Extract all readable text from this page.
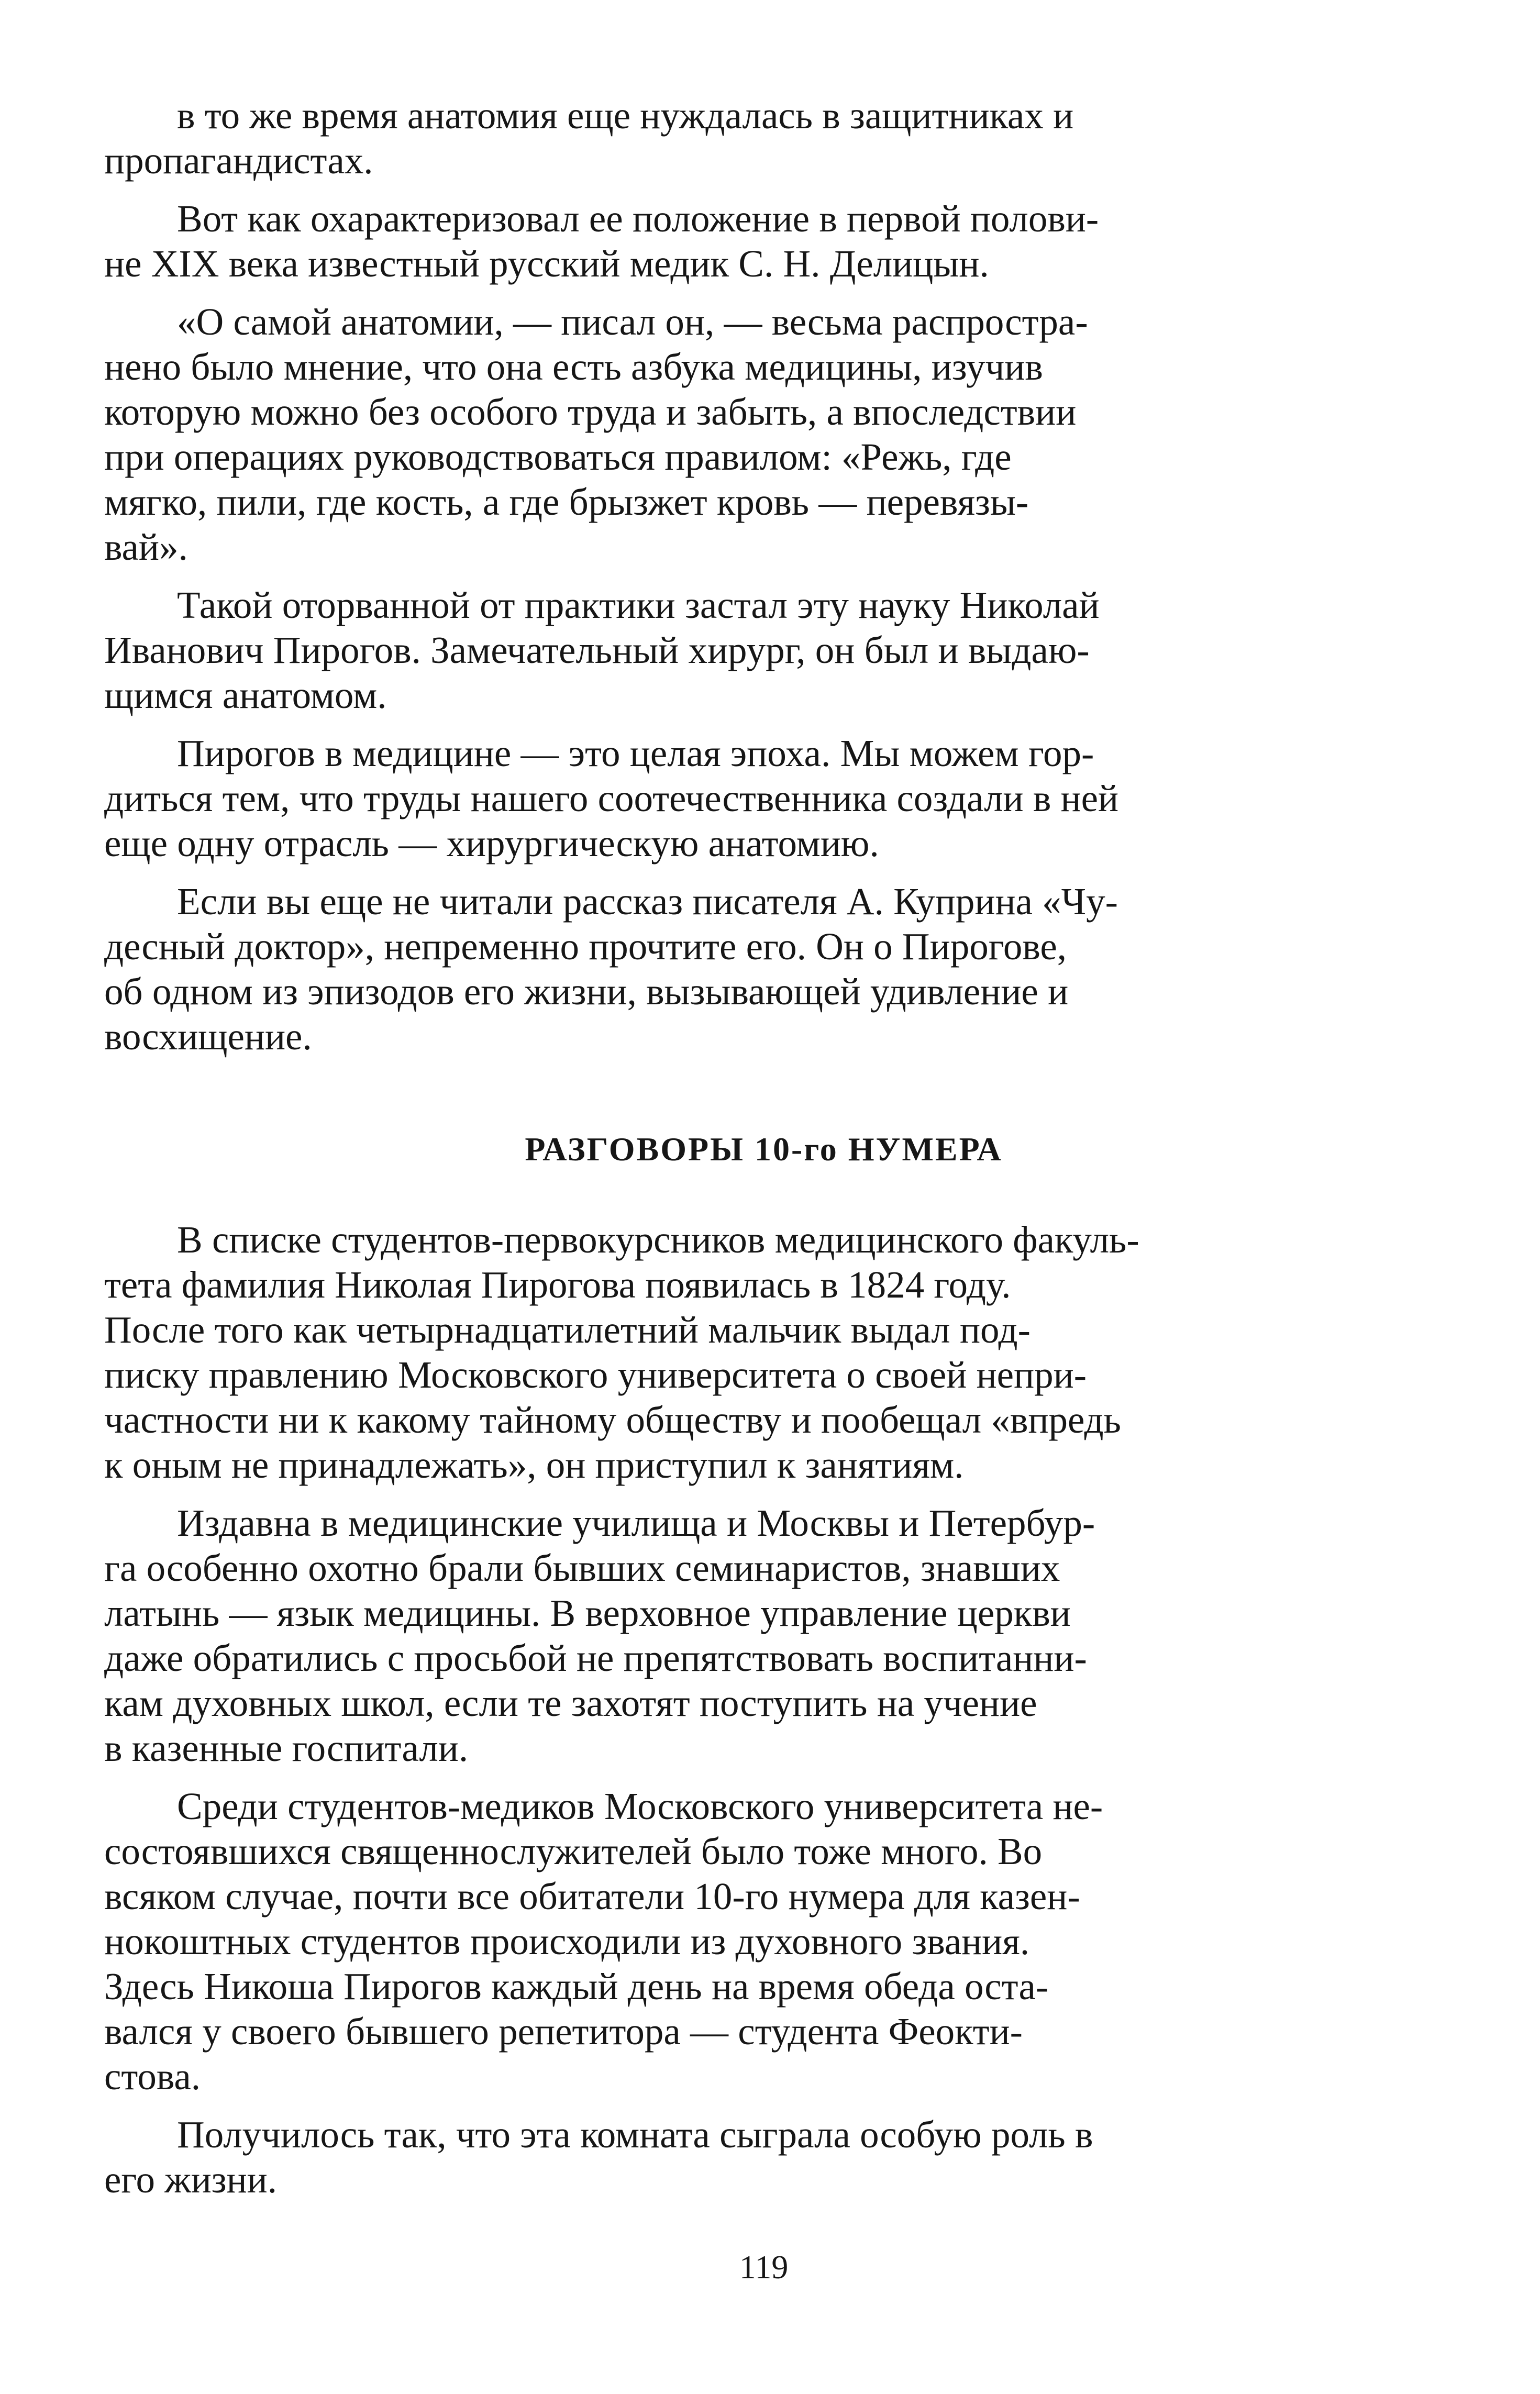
в то же время анатомия еще нуждалась в защитниках и
пропагандистах.
Вот как охарактеризовал ее положение в первой полови-
не XIX века известный русский медик С. Н. Делицын.
«О самой анатомии, — писал он, — весьма распростра-
нено было мнение, что она есть азбука медицины, изучив
которую можно без особого труда и забыть, а впоследствии
при операциях руководствоваться правилом: «Режь, где
мягко, пили, где кость, а где брызжет кровь — перевязы-
вай».
Такой оторванной от практики застал эту науку Николай
Иванович Пирогов. Замечательный хирург, он был и выдаю-
щимся анатомом.
Пирогов в медицине — это целая эпоха. Мы можем гор-
диться тем, что труды нашего соотечественника создали в ней
еще одну отрасль — хирургическую анатомию.
Если вы еще не читали рассказ писателя А. Куприна «Чу-
десный доктор», непременно прочтите его. Он о Пирогове,
об одном из эпизодов его жизни, вызывающей удивление и
восхищение.
РАЗГОВОРЫ 10-го НУМЕРА
В списке студентов-первокурсников медицинского факуль-
тета фамилия Николая Пирогова появилась в 1824 году.
После того как четырнадцатилетний мальчик выдал под-
писку правлению Московского университета о своей непри-
частности ни к какому тайному обществу и пообещал «впредь
к оным не принадлежать», он приступил к занятиям.
Издавна в медицинские училища и Москвы и Петербур-
га особенно охотно брали бывших семинаристов, знавших
латынь — язык медицины. В верховное управление церкви
даже обратились с просьбой не препятствовать воспитанни-
кам духовных школ, если те захотят поступить на учение
в казенные госпитали.
Среди студентов-медиков Московского университета не-
состоявшихся священнослужителей было тоже много. Во
всяком случае, почти все обитатели 10-го нумера для казен-
нокоштных студентов происходили из духовного звания.
Здесь Никоша Пирогов каждый день на время обеда оста-
вался у своего бывшего репетитора — студента Феокти-
стова.
Получилось так, что эта комната сыграла особую роль в
его жизни.
119
